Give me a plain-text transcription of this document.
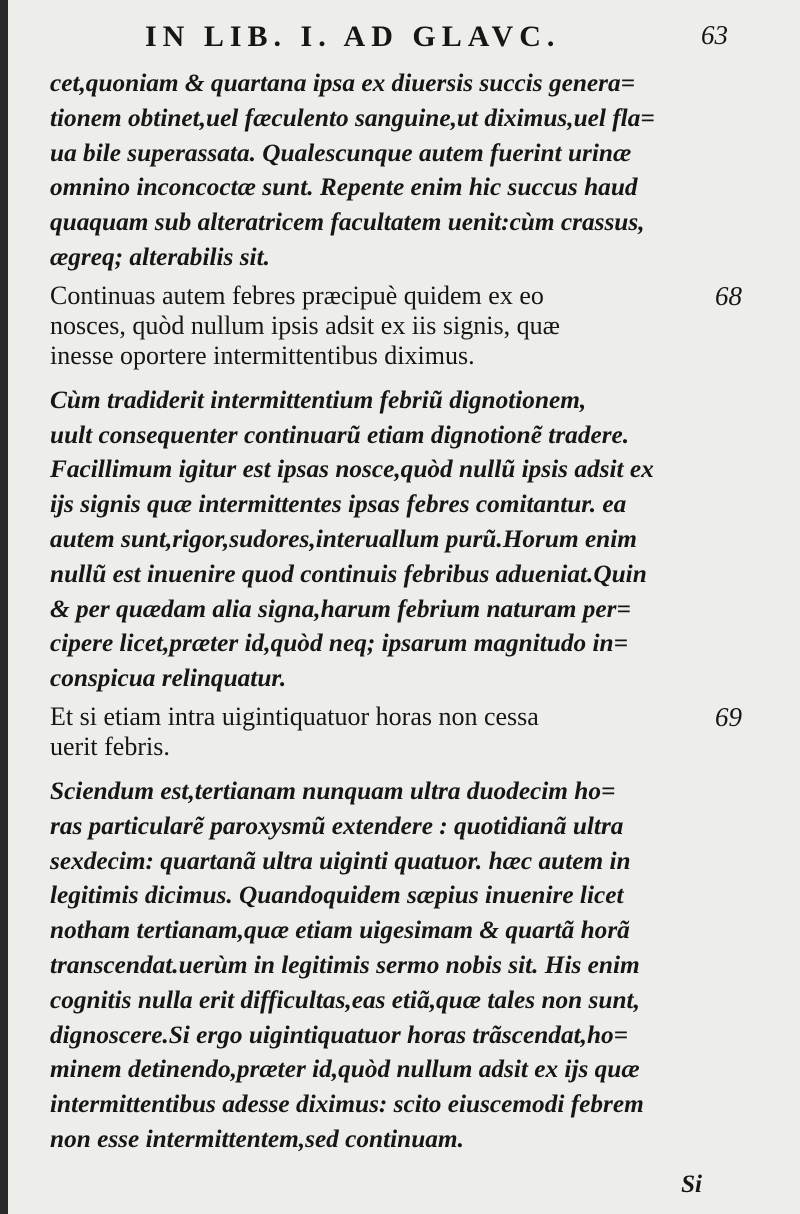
IN LIB. I. AD GLAVC.	63

cet,quoniam & quartana ipsa ex diuersis succis genera=
tionem obtinet,uel fæculento sanguine,ut diximus,uel fla=
ua bile superassata. Qualescunque autem fuerint urinæ
omnino inconcoctæ sunt. Repente enim hic succus haud
quaquam sub alteratricem facultatem uenit:cùm crassus,
ægreq; alterabilis sit.

68
Continuas autem febres præcipuè quidem ex eo
nosces, quòd nullum ipsis adsit ex iis signis, quæ
inesse oportere intermittentibus diximus.

Cùm tradiderit intermittentium febriũ dignotionem,
uult consequenter continuarũ etiam dignotionẽ tradere.
Facillimum igitur est ipsas nosce,quòd nullũ ipsis adsit ex
ijs signis quæ intermittentes ipsas febres comitantur. ea
autem sunt,rigor,sudores,interuallum purũ.Horum enim
nullũ est inuenire quod continuis febribus adueniat.Quin
& per quædam alia signa,harum febrium naturam per=
cipere licet,præter id,quòd neq; ipsarum magnitudo in=
conspicua relinquatur.

69
Et si etiam intra uigintiquatuor horas non cessa
uerit febris.

Sciendum est,tertianam nunquam ultra duodecim ho=
ras particularẽ paroxysmũ extendere : quotidianã ultra
sexdecim: quartanã ultra uiginti quatuor. hæc autem in
legitimis dicimus. Quandoquidem sæpius inuenire licet
notham tertianam,quæ etiam uigesimam & quartã horã
transcendat.uerùm in legitimis sermo nobis sit. His enim
cognitis nulla erit difficultas,eas etiã,quæ tales non sunt,
dignoscere.Si ergo uigintiquatuor horas trãscendat,ho=
minem detinendo,præter id,quòd nullum adsit ex ijs quæ
intermittentibus adesse diximus: scito eiuscemodi febrem
non esse intermittentem,sed continuam.

Si
